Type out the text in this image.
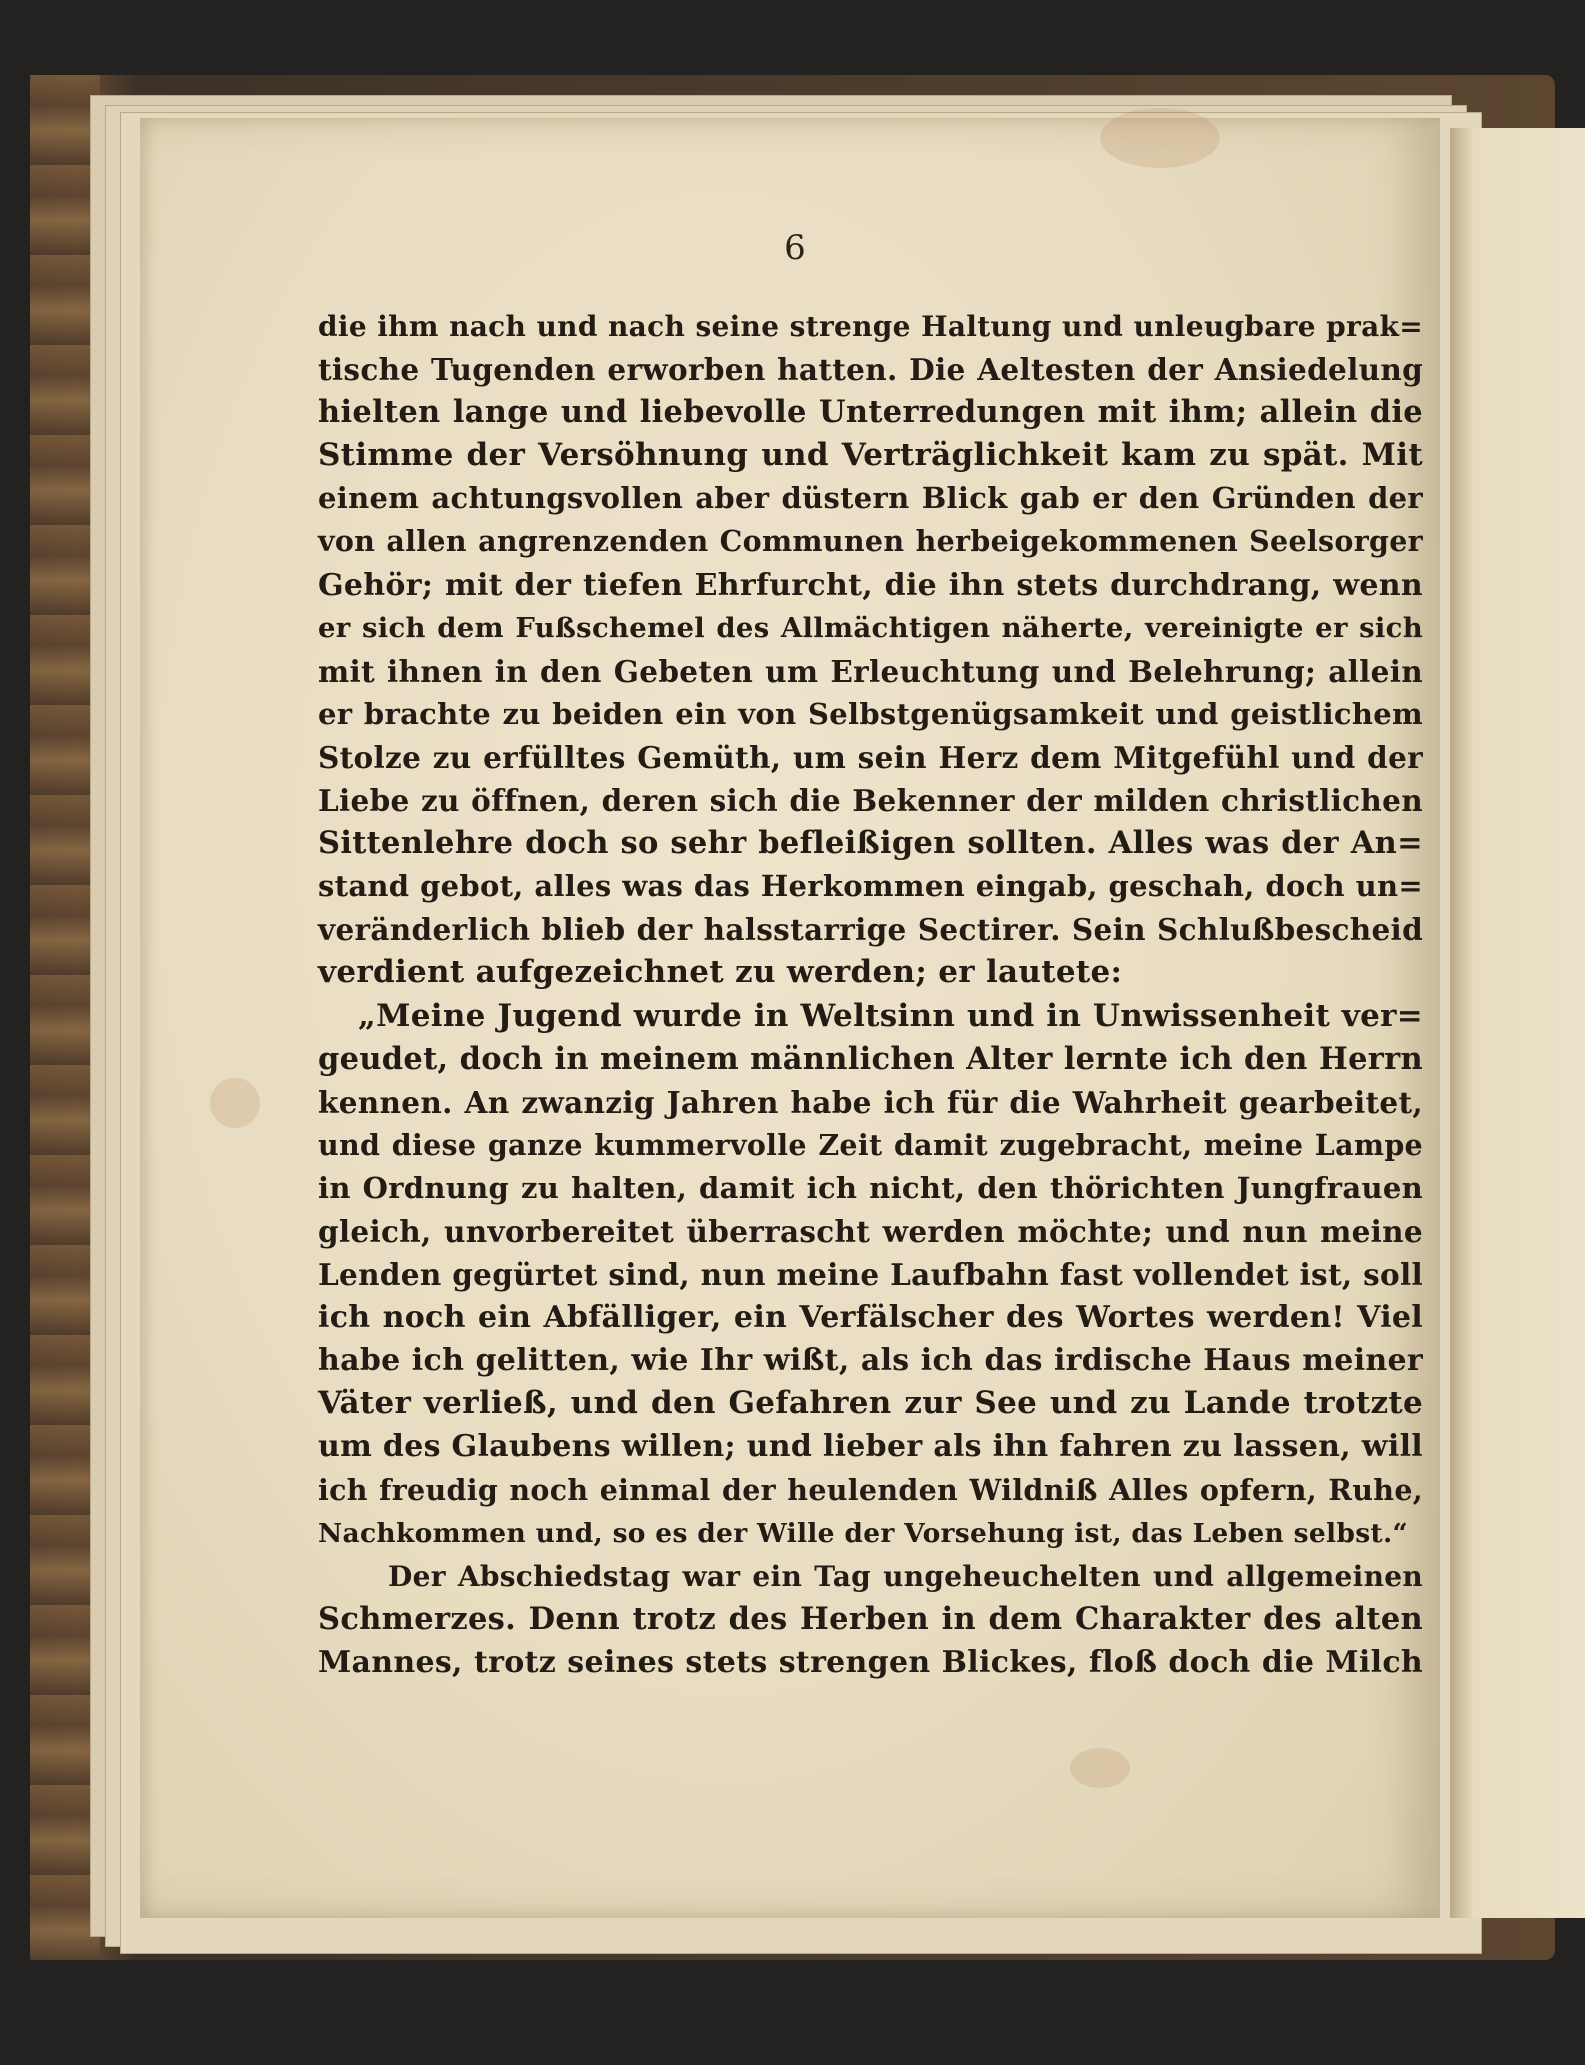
6
die ihm nach und nach seine strenge Haltung und unleugbare prak=
tische Tugenden erworben hatten. Die Aeltesten der Ansiedelung
hielten lange und liebevolle Unterredungen mit ihm; allein die
Stimme der Versöhnung und Verträglichkeit kam zu spät. Mit
einem achtungsvollen aber düstern Blick gab er den Gründen der
von allen angrenzenden Communen herbeigekommenen Seelsorger
Gehör; mit der tiefen Ehrfurcht, die ihn stets durchdrang, wenn
er sich dem Fußschemel des Allmächtigen näherte, vereinigte er sich
mit ihnen in den Gebeten um Erleuchtung und Belehrung; allein
er brachte zu beiden ein von Selbstgenügsamkeit und geistlichem
Stolze zu erfülltes Gemüth, um sein Herz dem Mitgefühl und der
Liebe zu öffnen, deren sich die Bekenner der milden christlichen
Sittenlehre doch so sehr befleißigen sollten. Alles was der An=
stand gebot, alles was das Herkommen eingab, geschah, doch un=
veränderlich blieb der halsstarrige Sectirer. Sein Schlußbescheid
verdient aufgezeichnet zu werden; er lautete:
„Meine Jugend wurde in Weltsinn und in Unwissenheit ver=
geudet, doch in meinem männlichen Alter lernte ich den Herrn
kennen. An zwanzig Jahren habe ich für die Wahrheit gearbeitet,
und diese ganze kummervolle Zeit damit zugebracht, meine Lampe
in Ordnung zu halten, damit ich nicht, den thörichten Jungfrauen
gleich, unvorbereitet überrascht werden möchte; und nun meine
Lenden gegürtet sind, nun meine Laufbahn fast vollendet ist, soll
ich noch ein Abfälliger, ein Verfälscher des Wortes werden! Viel
habe ich gelitten, wie Ihr wißt, als ich das irdische Haus meiner
Väter verließ, und den Gefahren zur See und zu Lande trotzte
um des Glaubens willen; und lieber als ihn fahren zu lassen, will
ich freudig noch einmal der heulenden Wildniß Alles opfern, Ruhe,
Nachkommen und, so es der Wille der Vorsehung ist, das Leben selbst.“
Der Abschiedstag war ein Tag ungeheuchelten und allgemeinen
Schmerzes. Denn trotz des Herben in dem Charakter des alten
Mannes, trotz seines stets strengen Blickes, floß doch die Milch
